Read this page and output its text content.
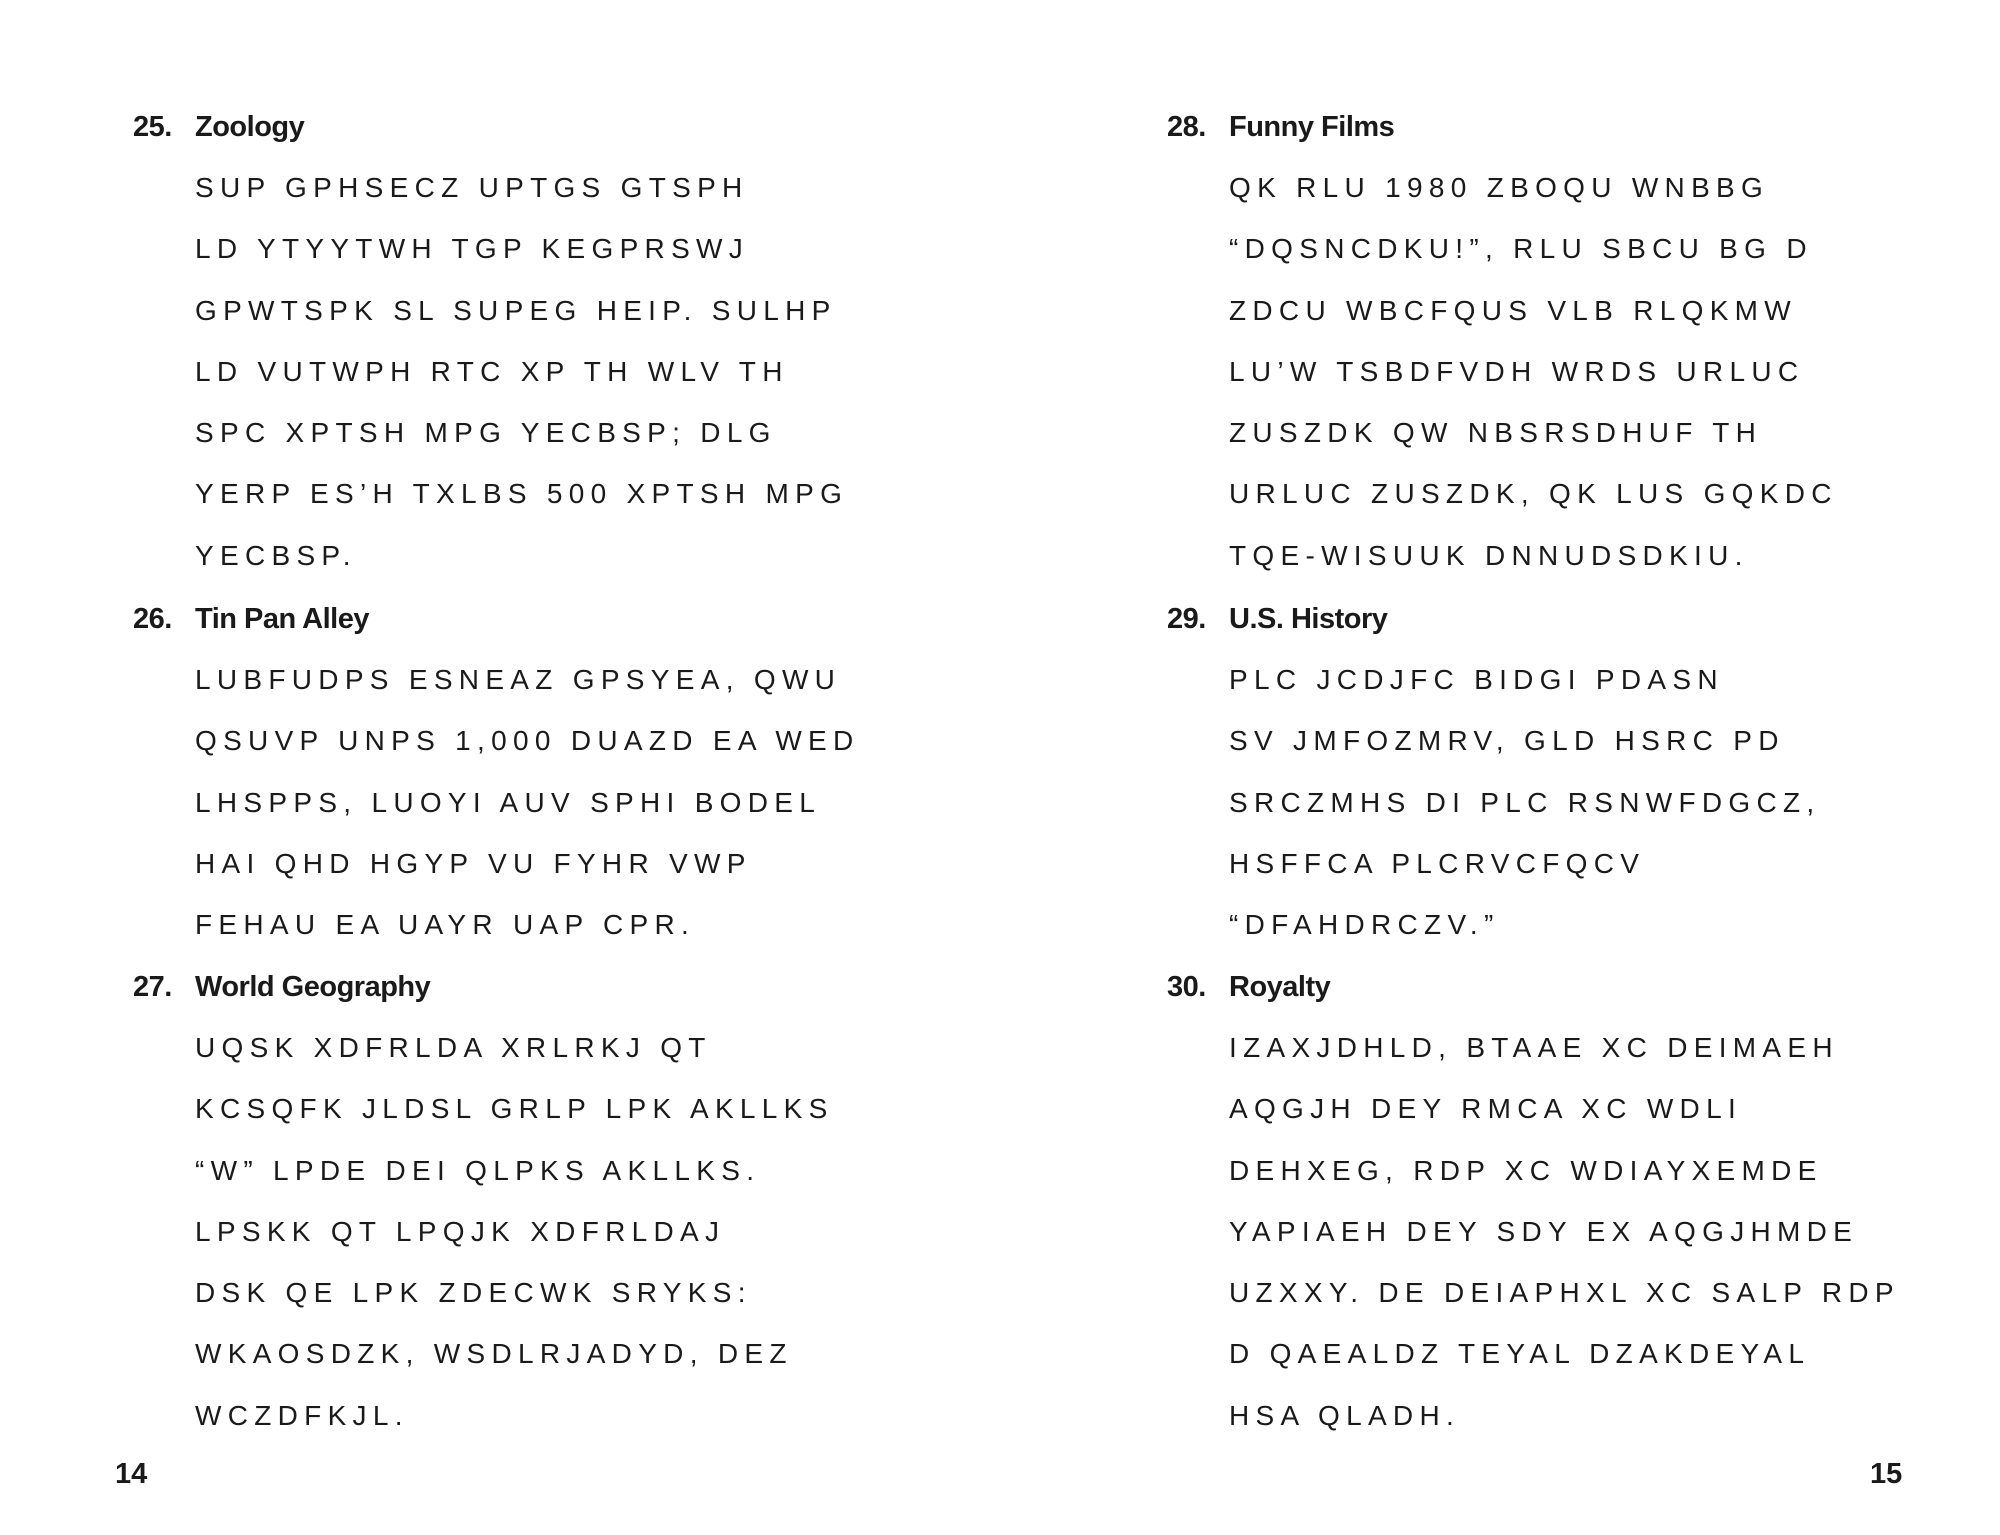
25. Zoology
SUP GPHSECZ UPTGS GTSPH
LD YTYYTWH TGP KEGPRSWJ
GPWTSPK SL SUPEG HEIP. SULHP
LD VUTWPH RTC XP TH WLV TH
SPC XPTSH MPG YECBSP; DLG
YERP ES’H TXLBS 500 XPTSH MPG
YECBSP.
26. Tin Pan Alley
LUBFUDPS ESNEAZ GPSYEA, QWU
QSUVP UNPS 1,000 DUAZD EA WED
LHSPPS, LUOYI AUV SPHI BODEL
HAI QHD HGYP VU FYHR VWP
FEHAU EA UAYR UAP CPR.
27. World Geography
UQSK XDFRLDA XRLRKJ QT
KCSQFK JLDSL GRLP LPK AKLLKS
“W” LPDE DEI QLPKS AKLLKS.
LPSKK QT LPQJK XDFRLDAJ
DSK QE LPK ZDECWK SRYKS:
WKAOSDZK, WSDLRJADYD, DEZ
WCZDFKJL.
14
28. Funny Films
QK RLU 1980 ZBOQU WNBBG
“DQSNCDKU!”, RLU SBCU BG D
ZDCU WBCFQUS VLB RLQKMW
LU’W TSBDFVDH WRDS URLUC
ZUSZDK QW NBSRSDHUF TH
URLUC ZUSZDK, QK LUS GQKDC
TQE-WISUUK DNNUDSDKIU.
29. U.S. History
PLC JCDJFC BIDGI PDASN
SV JMFOZMRV, GLD HSRC PD
SRCZMHS DI PLC RSNWFDGCZ,
HSFFCA PLCRVCFQCV
“DFAHDRCZV.”
30. Royalty
IZAXJDHLD, BTAAE XC DEIMAEH
AQGJH DEY RMCA XC WDLI
DEHXEG, RDP XC WDIAYXEMDE
YAPIAEH DEY SDY EX AQGJHMDE
UZXXY. DE DEIAPHXL XC SALP RDP
D QAEALDZ TEYAL DZAKDEYAL
HSA QLADH.
15
